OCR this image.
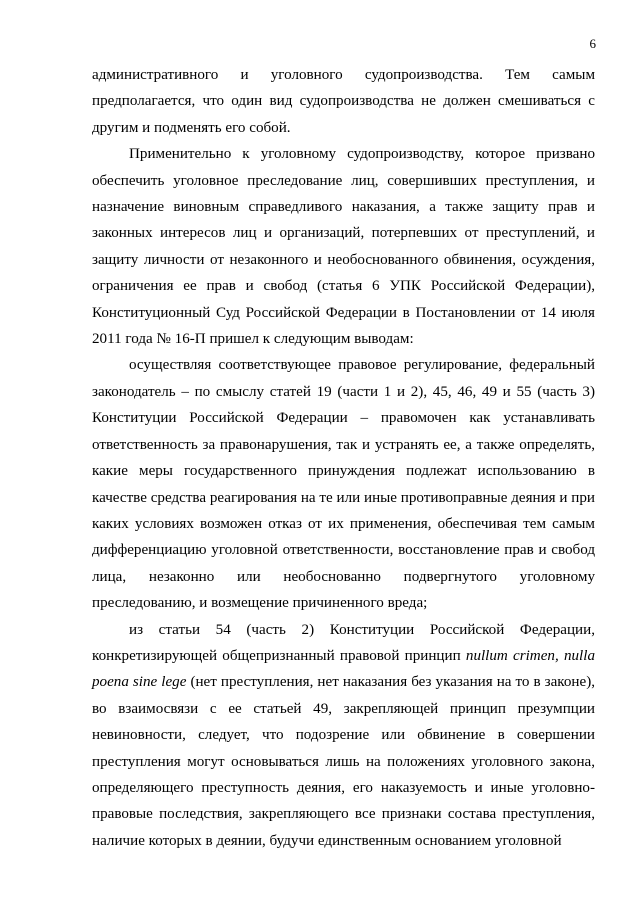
6

административного и уголовного судопроизводства. Тем самым предполагается, что один вид судопроизводства не должен смешиваться с другим и подменять его собой.

Применительно к уголовному судопроизводству, которое призвано обеспечить уголовное преследование лиц, совершивших преступления, и назначение виновным справедливого наказания, а также защиту прав и законных интересов лиц и организаций, потерпевших от преступлений, и защиту личности от незаконного и необоснованного обвинения, осуждения, ограничения ее прав и свобод (статья 6 УПК Российской Федерации), Конституционный Суд Российской Федерации в Постановлении от 14 июля 2011 года № 16-П пришел к следующим выводам:

осуществляя соответствующее правовое регулирование, федеральный законодатель – по смыслу статей 19 (части 1 и 2), 45, 46, 49 и 55 (часть 3) Конституции Российской Федерации – правомочен как устанавливать ответственность за правонарушения, так и устранять ее, а также определять, какие меры государственного принуждения подлежат использованию в качестве средства реагирования на те или иные противоправные деяния и при каких условиях возможен отказ от их применения, обеспечивая тем самым дифференциацию уголовной ответственности, восстановление прав и свобод лица, незаконно или необоснованно подвергнутого уголовному преследованию, и возмещение причиненного вреда;

из статьи 54 (часть 2) Конституции Российской Федерации, конкретизирующей общепризнанный правовой принцип nullum crimen, nulla poena sine lege (нет преступления, нет наказания без указания на то в законе), во взаимосвязи с ее статьей 49, закрепляющей принцип презумпции невиновности, следует, что подозрение или обвинение в совершении преступления могут основываться лишь на положениях уголовного закона, определяющего преступность деяния, его наказуемость и иные уголовно-правовые последствия, закрепляющего все признаки состава преступления, наличие которых в деянии, будучи единственным основанием уголовной
